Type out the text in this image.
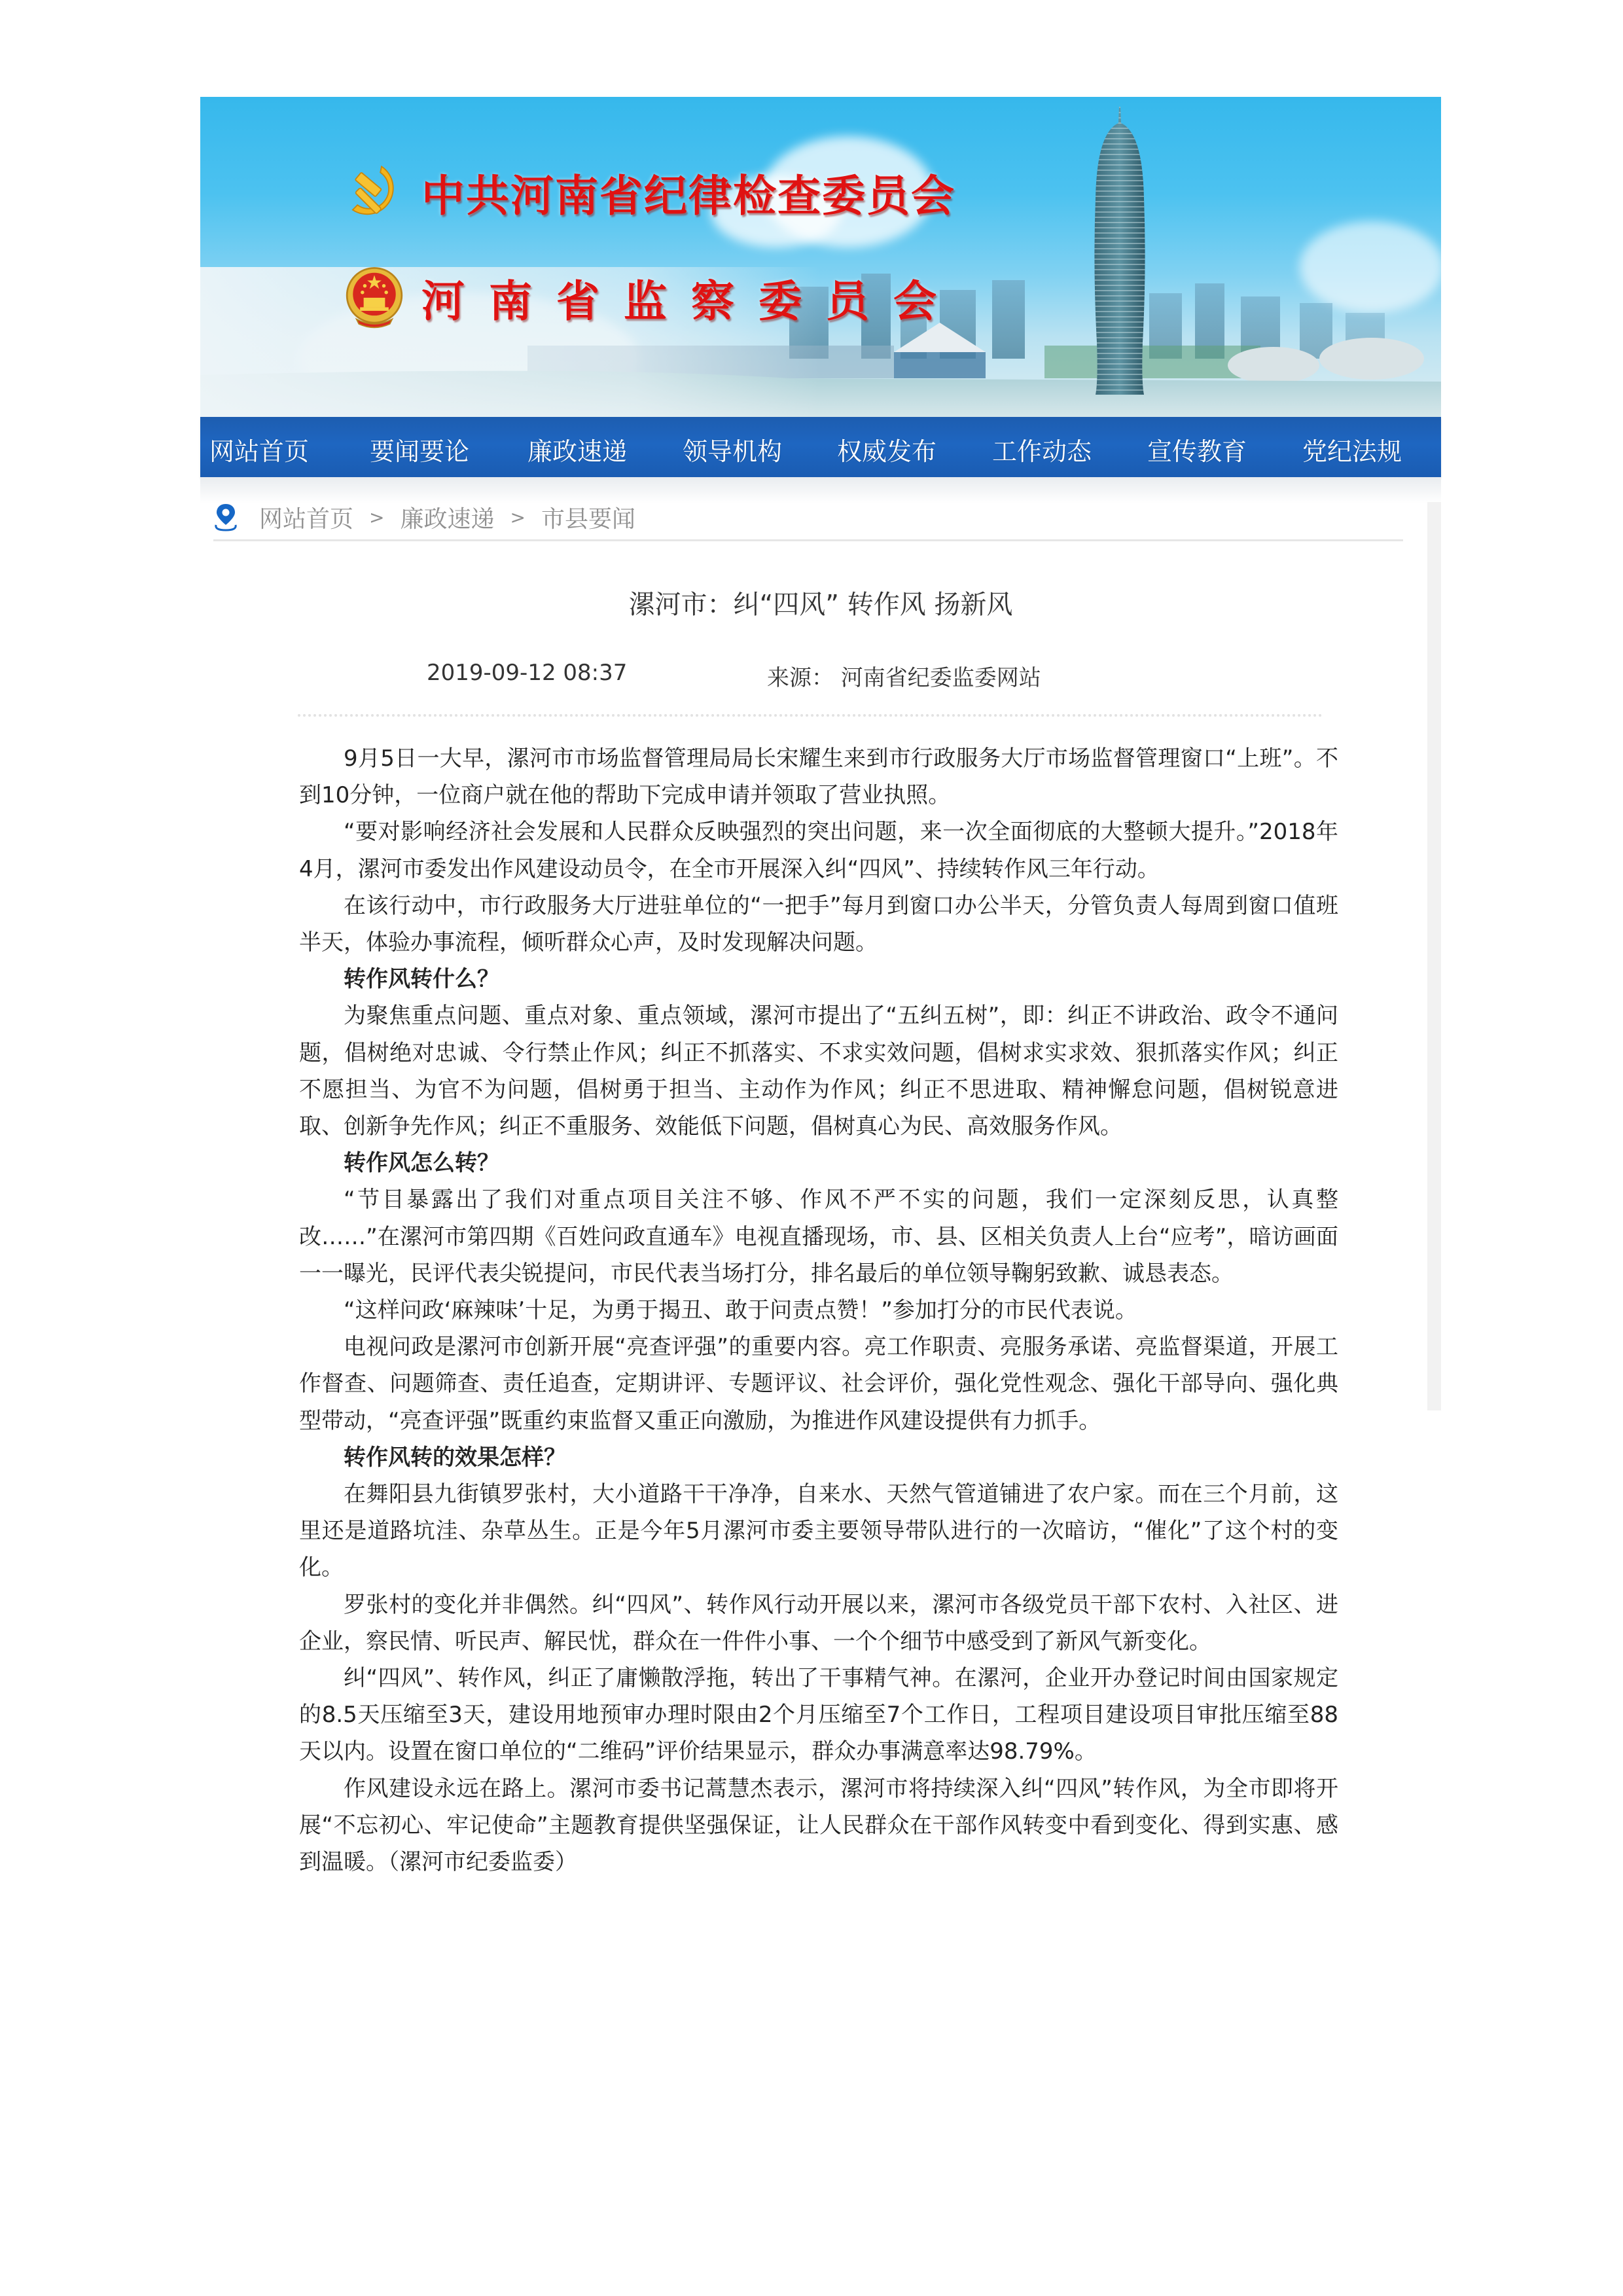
中共河南省纪律检查委员会
河南省监察委员会
网站首页 要闻要论 廉政速递 领导机构 权威发布 工作动态 宣传教育 党纪法规
网站首页 > 廉政速递 > 市县要闻
漯河市：纠“四风” 转作风 扬新风
2019-09-12 08:37	来源： 河南省纪委监委网站

9月5日一大早，漯河市市场监督管理局局长宋耀生来到市行政服务大厅市场监督管理窗口“上班”。不到10分钟，一位商户就在他的帮助下完成申请并领取了营业执照。

“要对影响经济社会发展和人民群众反映强烈的突出问题，来一次全面彻底的大整顿大提升。”2018年4月，漯河市委发出作风建设动员令，在全市开展深入纠“四风”、持续转作风三年行动。

在该行动中，市行政服务大厅进驻单位的“一把手”每月到窗口办公半天，分管负责人每周到窗口值班半天，体验办事流程，倾听群众心声，及时发现解决问题。

转作风转什么？

为聚焦重点问题、重点对象、重点领域，漯河市提出了“五纠五树”，即：纠正不讲政治、政令不通问题，倡树绝对忠诚、令行禁止作风；纠正不抓落实、不求实效问题，倡树求实求效、狠抓落实作风；纠正不愿担当、为官不为问题，倡树勇于担当、主动作为作风；纠正不思进取、精神懈怠问题，倡树锐意进取、创新争先作风；纠正不重服务、效能低下问题，倡树真心为民、高效服务作风。

转作风怎么转？

“节目暴露出了我们对重点项目关注不够、作风不严不实的问题，我们一定深刻反思，认真整改……”在漯河市第四期《百姓问政直通车》电视直播现场，市、县、区相关负责人上台“应考”，暗访画面一一曝光，民评代表尖锐提问，市民代表当场打分，排名最后的单位领导鞠躬致歉、诚恳表态。

“这样问政‘麻辣味’十足，为勇于揭丑、敢于问责点赞！”参加打分的市民代表说。

电视问政是漯河市创新开展“亮查评强”的重要内容。亮工作职责、亮服务承诺、亮监督渠道，开展工作督查、问题筛查、责任追查，定期讲评、专题评议、社会评价，强化党性观念、强化干部导向、强化典型带动，“亮查评强”既重约束监督又重正向激励，为推进作风建设提供有力抓手。

转作风转的效果怎样？

在舞阳县九街镇罗张村，大小道路干干净净，自来水、天然气管道铺进了农户家。而在三个月前，这里还是道路坑洼、杂草丛生。正是今年5月漯河市委主要领导带队进行的一次暗访，“催化”了这个村的变化。

罗张村的变化并非偶然。纠“四风”、转作风行动开展以来，漯河市各级党员干部下农村、入社区、进企业，察民情、听民声、解民忧，群众在一件件小事、一个个细节中感受到了新风气新变化。

纠“四风”、转作风，纠正了庸懒散浮拖，转出了干事精气神。在漯河，企业开办登记时间由国家规定的8.5天压缩至3天，建设用地预审办理时限由2个月压缩至7个工作日，工程项目建设项目审批压缩至88天以内。设置在窗口单位的“二维码”评价结果显示，群众办事满意率达98.79%。

作风建设永远在路上。漯河市委书记蒿慧杰表示，漯河市将持续深入纠“四风”转作风，为全市即将开展“不忘初心、牢记使命”主题教育提供坚强保证，让人民群众在干部作风转变中看到变化、得到实惠、感到温暖。（漯河市纪委监委）
